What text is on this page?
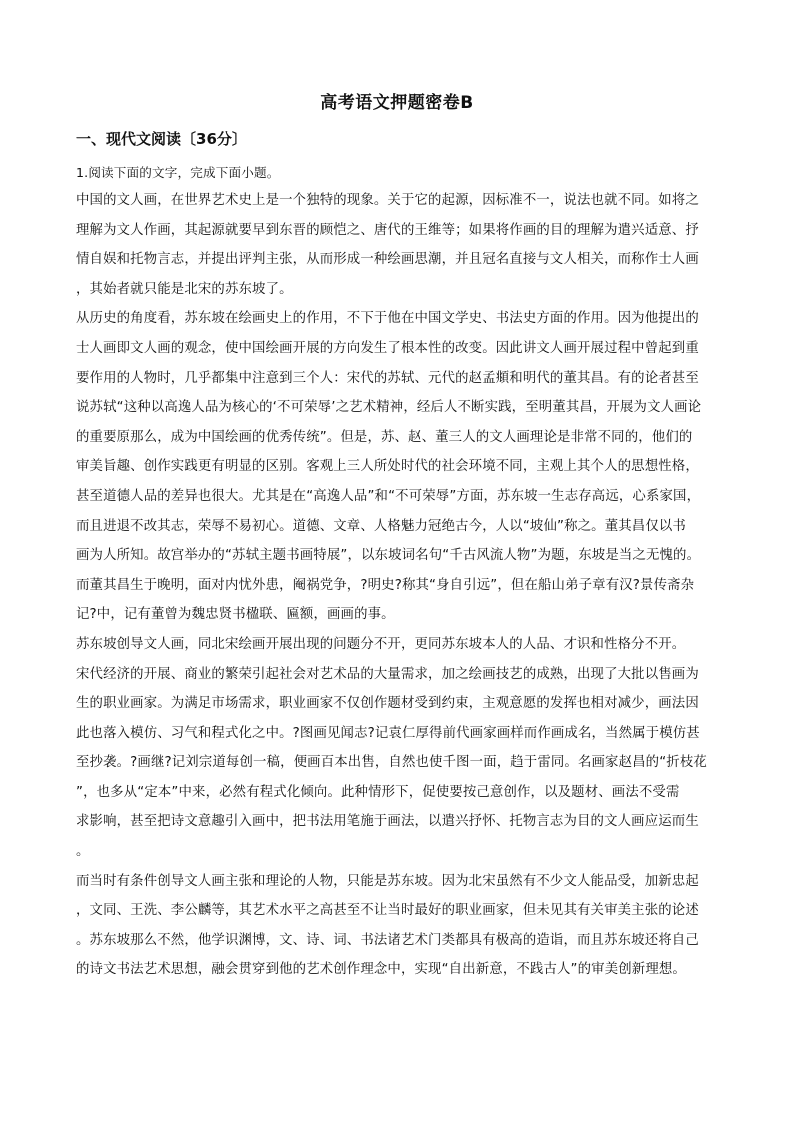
高考语文押题密卷B
一、现代文阅读〔36分〕
1.阅读下面的文字，完成下面小题。
中国的文人画，在世界艺术史上是一个独特的现象。关于它的起源，因标准不一，说法也就不同。如将之
理解为文人作画，其起源就要早到东晋的顾恺之、唐代的王维等；如果将作画的目的理解为遣兴适意、抒
情自娱和托物言志，并提出评判主张，从而形成一种绘画思潮，并且冠名直接与文人相关，而称作士人画
，其始者就只能是北宋的苏东坡了。
从历史的角度看，苏东坡在绘画史上的作用，不下于他在中国文学史、书法史方面的作用。因为他提出的
士人画即文人画的观念，使中国绘画开展的方向发生了根本性的改变。因此讲文人画开展过程中曾起到重
要作用的人物时，几乎都集中注意到三个人：宋代的苏轼、元代的赵孟頫和明代的董其昌。有的论者甚至
说苏轼“这种以高逸人品为核心的‘不可荣辱’之艺术精神，经后人不断实践，至明董其昌，开展为文人画论
的重要原那么，成为中国绘画的优秀传统”。但是，苏、赵、董三人的文人画理论是非常不同的，他们的
审美旨趣、创作实践更有明显的区别。客观上三人所处时代的社会环境不同，主观上其个人的思想性格，
甚至道德人品的差异也很大。尤其是在“高逸人品”和“不可荣辱”方面，苏东坡一生志存高远，心系家国，
而且进退不改其志，荣辱不易初心。道德、文章、人格魅力冠绝古今，人以“坡仙”称之。董其昌仅以书
画为人所知。故宫举办的“苏轼主题书画特展”，以东坡词名句“千古风流人物”为题，东坡是当之无愧的。
而董其昌生于晚明，面对内忧外患，阉祸党争，?明史?称其“身自引远”，但在船山弟子章有汉?景传斋杂
记?中，记有董曾为魏忠贤书楹联、匾额，画画的事。
苏东坡创导文人画，同北宋绘画开展出现的问题分不开，更同苏东坡本人的人品、才识和性格分不开。
宋代经济的开展、商业的繁荣引起社会对艺术品的大量需求，加之绘画技艺的成熟，出现了大批以售画为
生的职业画家。为满足市场需求，职业画家不仅创作题材受到约束，主观意愿的发挥也相对减少，画法因
此也落入模仿、习气和程式化之中。?图画见闻志?记袁仁厚得前代画家画样而作画成名，当然属于模仿甚
至抄袭。?画继?记刘宗道每创一稿，便画百本出售，自然也使千图一面，趋于雷同。名画家赵昌的“折枝花
”，也多从“定本”中来，必然有程式化倾向。此种情形下，促使要按己意创作，以及题材、画法不受需
求影响，甚至把诗文意趣引入画中，把书法用笔施于画法，以遣兴抒怀、托物言志为目的文人画应运而生
。
而当时有条件创导文人画主张和理论的人物，只能是苏东坡。因为北宋虽然有不少文人能品受，加新忠起
，文同、王洗、李公麟等，其艺术水平之高甚至不让当时最好的职业画家，但未见其有关审美主张的论述
。苏东坡那么不然，他学识渊博，文、诗、词、书法诸艺术门类都具有极高的造诣，而且苏东坡还将自己
的诗文书法艺术思想，融会贯穿到他的艺术创作理念中，实现“自出新意，不践古人”的审美创新理想。
